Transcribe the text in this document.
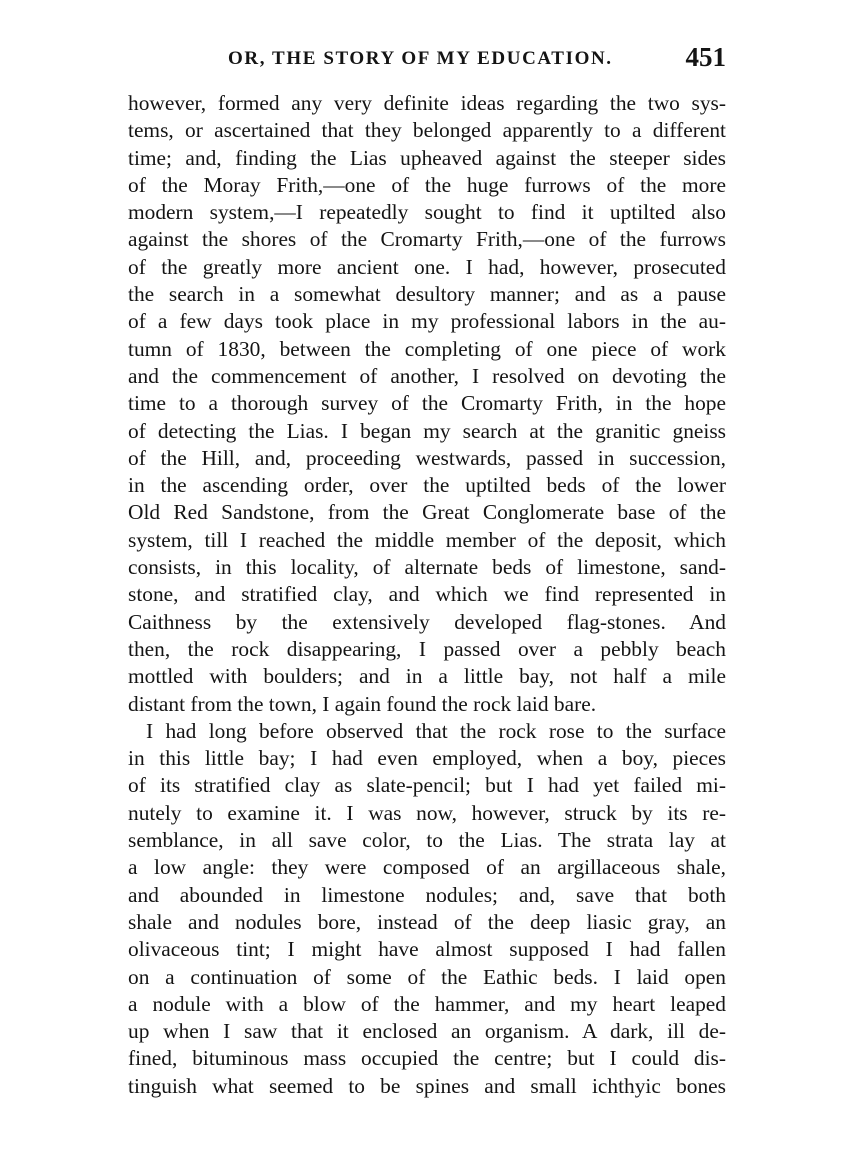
OR, THE STORY OF MY EDUCATION.	451
however, formed any very definite ideas regarding the two sys-
tems, or ascertained that they belonged apparently to a different
time; and, finding the Lias upheaved against the steeper sides
of the Moray Frith,—one of the huge furrows of the more
modern system,—I repeatedly sought to find it uptilted also
against the shores of the Cromarty Frith,—one of the furrows
of the greatly more ancient one. I had, however, prosecuted
the search in a somewhat desultory manner; and as a pause
of a few days took place in my professional labors in the au-
tumn of 1830, between the completing of one piece of work
and the commencement of another, I resolved on devoting the
time to a thorough survey of the Cromarty Frith, in the hope
of detecting the Lias. I began my search at the granitic gneiss
of the Hill, and, proceeding westwards, passed in succession,
in the ascending order, over the uptilted beds of the lower
Old Red Sandstone, from the Great Conglomerate base of the
system, till I reached the middle member of the deposit, which
consists, in this locality, of alternate beds of limestone, sand-
stone, and stratified clay, and which we find represented in
Caithness by the extensively developed flag-stones. And
then, the rock disappearing, I passed over a pebbly beach
mottled with boulders; and in a little bay, not half a mile
distant from the town, I again found the rock laid bare.
I had long before observed that the rock rose to the surface
in this little bay; I had even employed, when a boy, pieces
of its stratified clay as slate-pencil; but I had yet failed mi-
nutely to examine it. I was now, however, struck by its re-
semblance, in all save color, to the Lias. The strata lay at
a low angle: they were composed of an argillaceous shale,
and abounded in limestone nodules; and, save that both
shale and nodules bore, instead of the deep liasic gray, an
olivaceous tint; I might have almost supposed I had fallen
on a continuation of some of the Eathic beds. I laid open
a nodule with a blow of the hammer, and my heart leaped
up when I saw that it enclosed an organism. A dark, ill de-
fined, bituminous mass occupied the centre; but I could dis-
tinguish what seemed to be spines and small ichthyic bones
